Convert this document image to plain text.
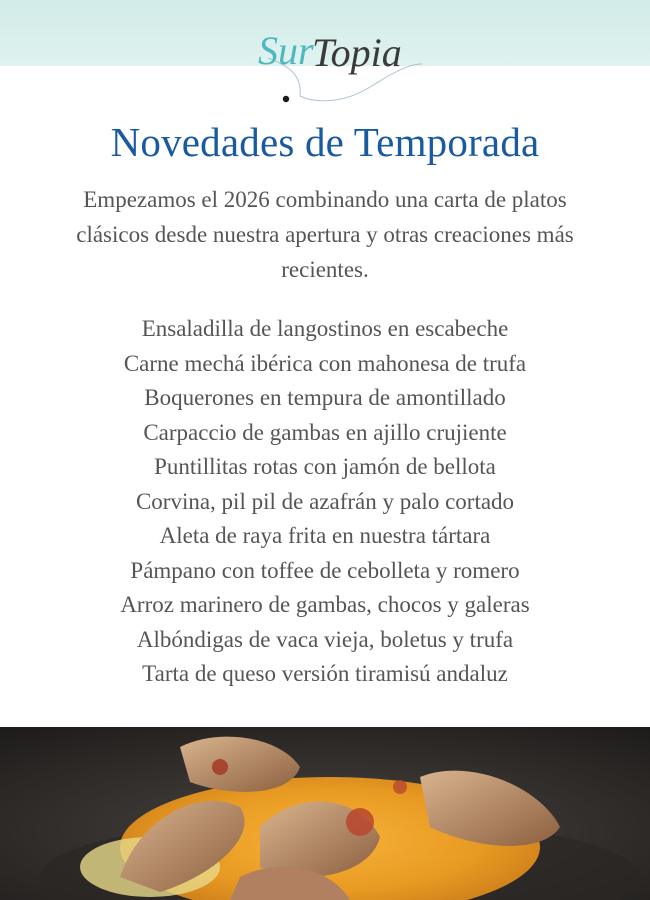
Sur
Topia
Novedades de Temporada

Empezamos el 2026 combinando una carta de platos clásicos desde nuestra apertura y otras creaciones más recientes.

Ensaladilla de langostinos en escabeche
Carne mechá ibérica con mahonesa de trufa
Boquerones en tempura de amontillado
Carpaccio de gambas en ajillo crujiente
Puntillitas rotas con jamón de bellota
Corvina, pil pil de azafrán y palo cortado
Aleta de raya frita en nuestra tártara
Pámpano con toffee de cebolleta y romero
Arroz marinero de gambas, chocos y galeras
Albóndigas de vaca vieja, boletus y trufa
Tarta de queso versión tiramisú andaluz
